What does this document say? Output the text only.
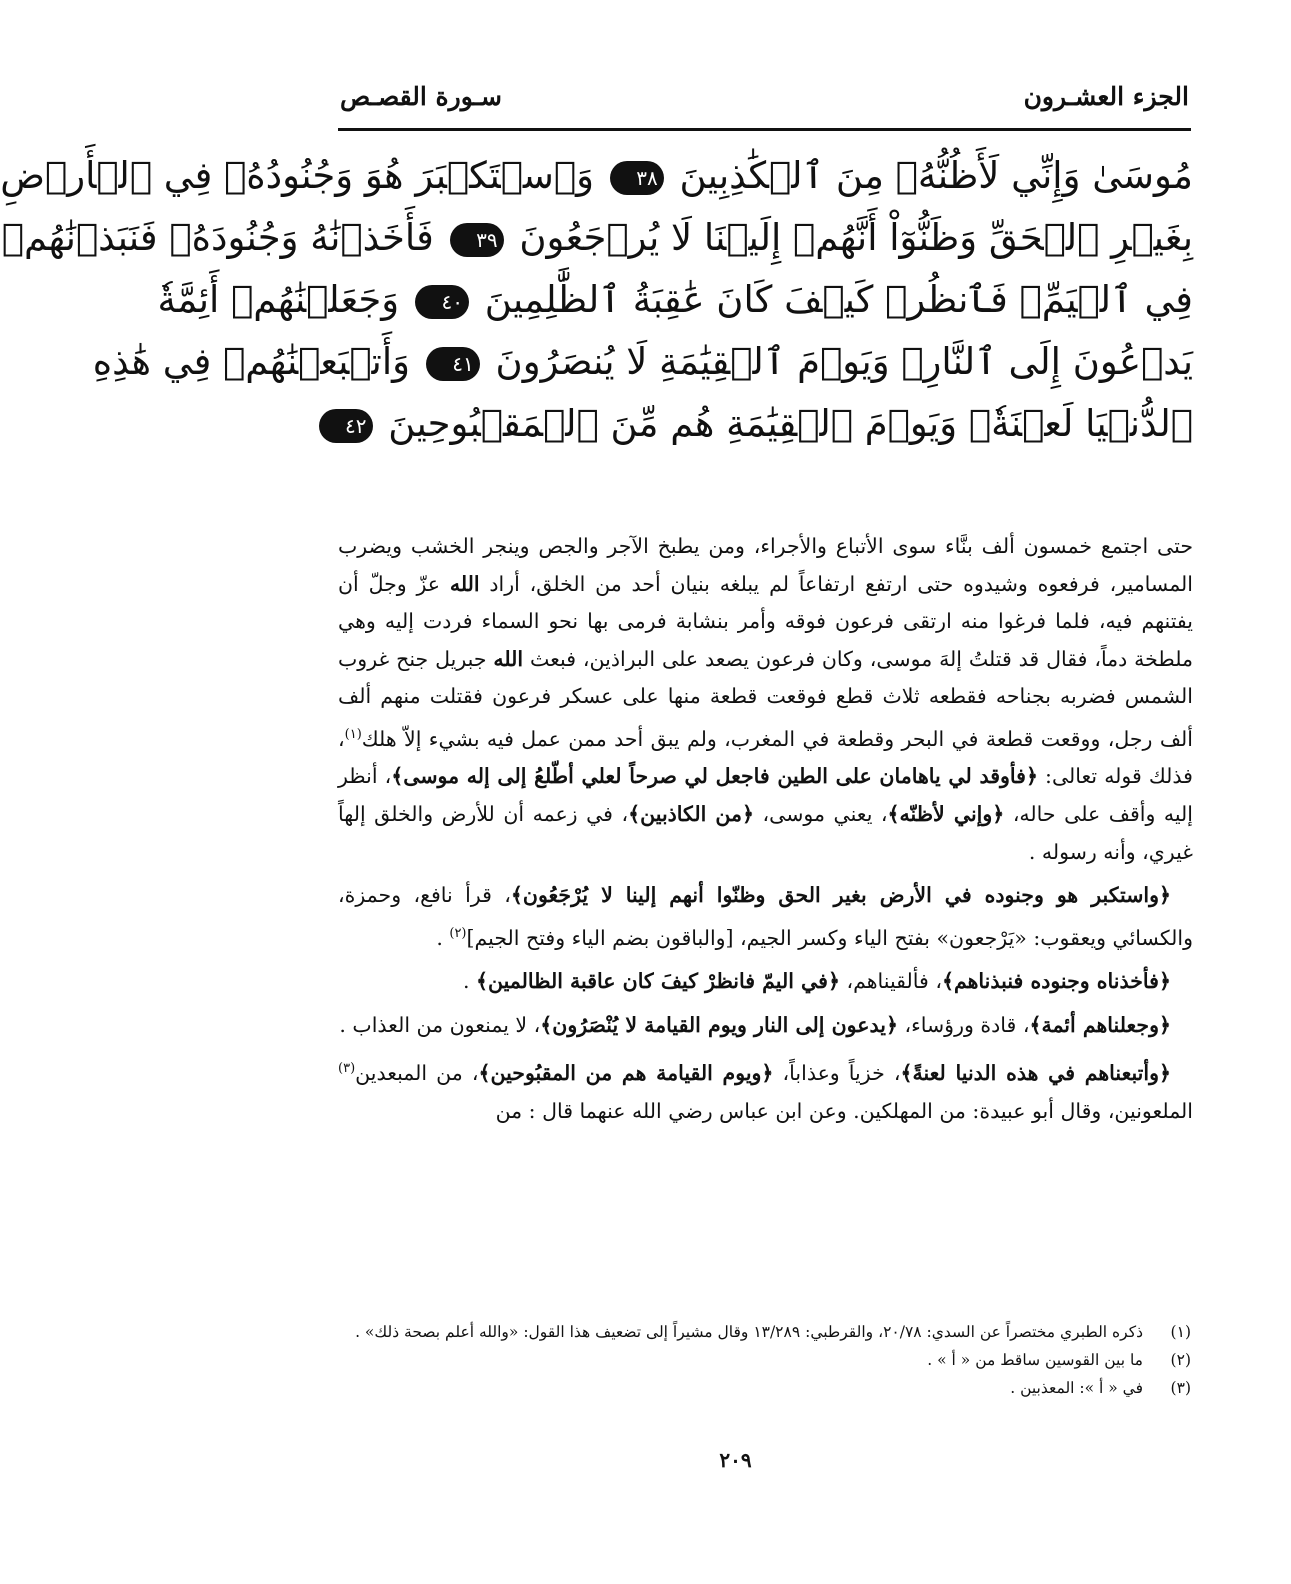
الجزء العشـرون
سـورة القصـص
مُوسَىٰ وَإِنِّي لَأَظُنُّهُۥ مِنَ ٱلۡكَٰذِبِينَ ٣٨ وَٱسۡتَكۡبَرَ هُوَ وَجُنُودُهُۥ فِي ٱلۡأَرۡضِ
بِغَيۡرِ ٱلۡحَقِّ وَظَنُّوٓاْ أَنَّهُمۡ إِلَيۡنَا لَا يُرۡجَعُونَ ٣٩ فَأَخَذۡنَٰهُ وَجُنُودَهُۥ فَنَبَذۡنَٰهُمۡ
فِي ٱلۡيَمِّۖ فَٱنظُرۡ كَيۡفَ كَانَ عَٰقِبَةُ ٱلظَّٰلِمِينَ ٤٠ وَجَعَلۡنَٰهُمۡ أَئِمَّةٗ
يَدۡعُونَ إِلَى ٱلنَّارِۖ وَيَوۡمَ ٱلۡقِيَٰمَةِ لَا يُنصَرُونَ ٤١ وَأَتۡبَعۡنَٰهُمۡ فِي هَٰذِهِ
ٱلدُّنۡيَا لَعۡنَةٗۖ وَيَوۡمَ ٱلۡقِيَٰمَةِ هُم مِّنَ ٱلۡمَقۡبُوحِينَ ٤٢

حتى اجتمع خمسون ألف بنَّاء سوى الأتباع والأجراء، ومن يطبخ الآجر والجص وينجر الخشب ويضرب المسامير، فرفعوه وشيدوه حتى ارتفع ارتفاعاً لم يبلغه بنيان أحد من الخلق، أراد الله عزّ وجلّ أن يفتنهم فيه، فلما فرغوا منه ارتقى فرعون فوقه وأمر بنشابة فرمى بها نحو السماء فردت إليه وهي ملطخة دماً، فقال قد قتلتُ إلهَ موسى، وكان فرعون يصعد على البراذين، فبعث الله جبريل جنح غروب الشمس فضربه بجناحه فقطعه ثلاث قطع فوقعت قطعة منها على عسكر فرعون فقتلت منهم ألف ألف رجل، ووقعت قطعة في البحر وقطعة في المغرب، ولم يبق أحد ممن عمل فيه بشيء إلاّ هلك$^{(١)}$، فذلك قوله تعالى: ﴿فأوقد لي ياهامان على الطين فاجعل لي صرحاً لعلي أطّلعُ إلى إله موسى﴾، أنظر إليه وأقف على حاله، ﴿وإني لأظنّه﴾، يعني موسى، ﴿من الكاذبين﴾، في زعمه أن للأرض والخلق إلهاً غيري، وأنه رسوله .

﴿واستكبر هو وجنوده في الأرض بغير الحق وظنّوا أنهم إلينا لا يُرْجَعُون﴾، قرأ نافع، وحمزة، والكسائي ويعقوب: «يَرْجعون» بفتح الياء وكسر الجيم، [والباقون بضم الياء وفتح الجيم]$^{(٢)}$ .

﴿فأخذناه وجنوده فنبذناهم﴾، فألقيناهم، ﴿في اليمّ فانظرْ كيفَ كان عاقبة الظالمين﴾ .

﴿وجعلناهم أئمة﴾، قادة ورؤساء، ﴿يدعون إلى النار ويوم القيامة لا يُنْصَرُون﴾، لا يمنعون من العذاب .

﴿وأتبعناهم في هذه الدنيا لعنةً﴾، خزياً وعذاباً، ﴿ويوم القيامة هم من المقبُوحين﴾، من المبعدين$^{(٣)}$ الملعونين، وقال أبو عبيدة: من المهلكين. وعن ابن عباس رضي الله عنهما قال : من

(١)
ذكره الطبري مختصراً عن السدي: ٢٠/٧٨، والقرطبي: ١٣/٢٨٩ وقال مشيراً إلى تضعيف هذا القول: «والله أعلم بصحة ذلك» .
(٢)
ما بين القوسين ساقط من « أ » .
(٣)
في « أ »: المعذبين .
٢٠٩
